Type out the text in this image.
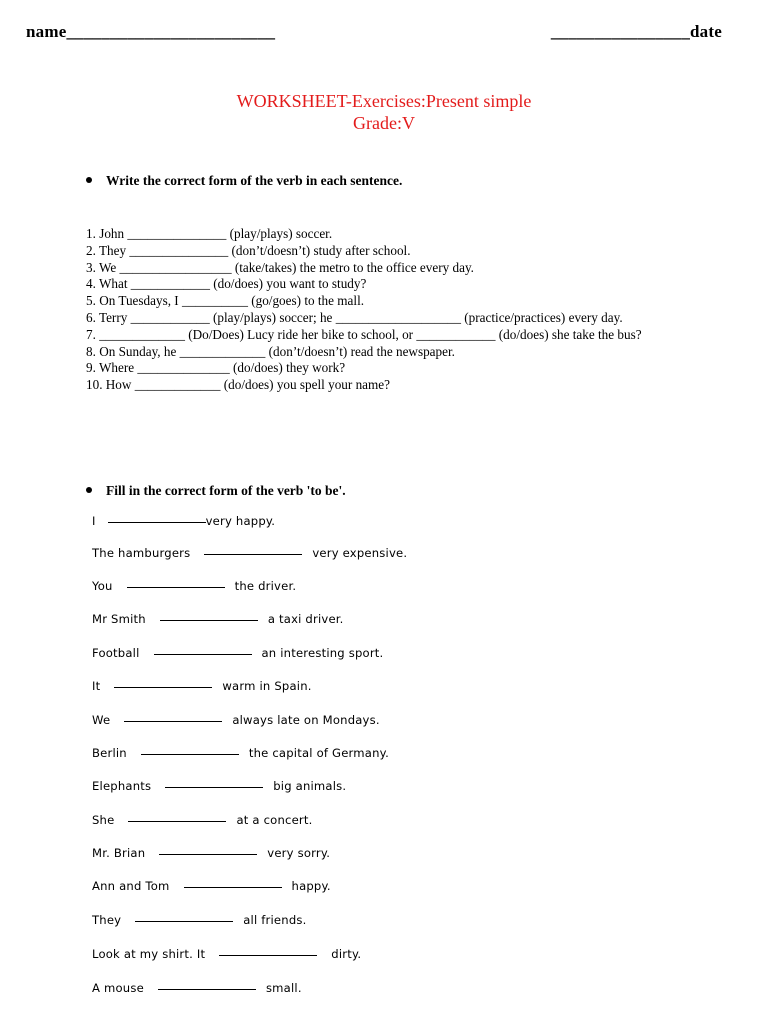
name________________________	________________date
WORKSHEET-Exercises:Present simple
Grade:V
Write the correct form of the verb in each sentence.
1. John _______________ (play/plays) soccer.
2. They _______________ (don’t/doesn’t) study after school.
3. We _________________ (take/takes) the metro to the office every day.
4. What ____________ (do/does) you want to study?
5. On Tuesdays, I __________ (go/goes) to the mall.
6. Terry ____________ (play/plays) soccer; he ___________________ (practice/practices) every day.
7. _____________ (Do/Does) Lucy ride her bike to school, or ____________ (do/does) she take the bus?
8. On Sunday, he _____________ (don’t/doesn’t) read the newspaper.
9. Where ______________ (do/does) they work?
10. How _____________ (do/does) you spell your name?
Fill in the correct form of the verb 'to be'.
I	very happy.
The hamburgers	very expensive.
You	the driver.
Mr Smith	a taxi driver.
Football	an interesting sport.
It	warm in Spain.
We	always late on Mondays.
Berlin	the capital of Germany.
Elephants	big animals.
She	at a concert.
Mr. Brian	very sorry.
Ann and Tom	happy.
They	all friends.
Look at my shirt. It	dirty.
A mouse	small.
